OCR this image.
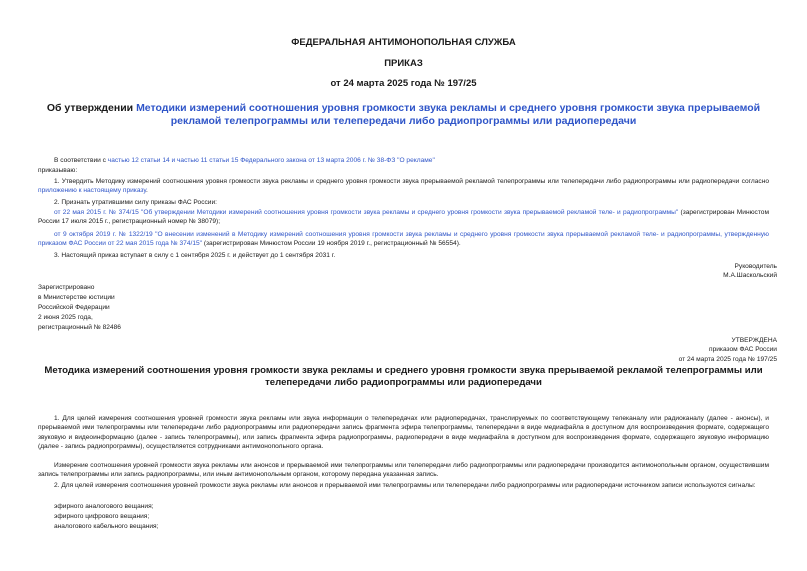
ФЕДЕРАЛЬНАЯ АНТИМОНОПОЛЬНАЯ СЛУЖБА
ПРИКАЗ
от 24 марта 2025 года № 197/25
Об утверждении Методики измерений соотношения уровня громкости звука рекламы и среднего уровня громкости звука прерываемой рекламой телепрограммы или телепередачи либо радиопрограммы или радиопередачи
В соответствии с частью 12 статьи 14 и частью 11 статьи 15 Федерального закона от 13 марта 2006 г. № 38-ФЗ "О рекламе"
приказываю:
1. Утвердить Методику измерений соотношения уровня громкости звука рекламы и среднего уровня громкости звука прерываемой рекламой телепрограммы или телепередачи либо радиопрограммы или радиопередачи согласно приложению к настоящему приказу.
2. Признать утратившими силу приказы ФАС России:
от 22 мая 2015 г. № 374/15 "Об утверждении Методики измерений соотношения уровня громкости звука рекламы и среднего уровня громкости звука прерываемой рекламой теле- и радиопрограммы" (зарегистрирован Минюстом России 17 июля 2015 г., регистрационный номер № 38079);
от 9 октября 2019 г. № 1322/19 "О внесении изменений в Методику измерений соотношения уровня громкости звука рекламы и среднего уровня громкости звука прерываемой рекламой теле- и радиопрограммы, утвержденную приказом ФАС России от 22 мая 2015 года № 374/15" (зарегистрирован Минюстом России 19 ноября 2019 г., регистрационный № 56554).
3. Настоящий приказ вступает в силу с 1 сентября 2025 г. и действует до 1 сентября 2031 г.
Руководитель
М.А.Шаскольский
Зарегистрировано
в Министерстве юстиции
Российской Федерации
2 июня 2025 года,
регистрационный № 82486
УТВЕРЖДЕНА
приказом ФАС России
от 24 марта 2025 года № 197/25
Методика измерений соотношения уровня громкости звука рекламы и среднего уровня громкости звука прерываемой рекламой телепрограммы или телепередачи либо радиопрограммы или радиопередачи
1. Для целей измерения соотношения уровней громкости звука рекламы или звука информации о телепередачах или радиопередачах, транслируемых по соответствующему телеканалу или радиоканалу (далее - анонсы), и прерываемой ими телепрограммы или телепередачи либо радиопрограммы или радиопередачи запись фрагмента эфира телепрограммы, телепередачи в виде медиафайла в доступном для воспроизведения формате, содержащего звуковую и видеоинформацию (далее - запись телепрограммы), или запись фрагмента эфира радиопрограммы, радиопередачи в виде медиафайла в доступном для воспроизведения формате, содержащего звуковую информацию (далее - запись радиопрограммы), осуществляется сотрудниками антимонопольного органа.
Измерение соотношения уровней громкости звука рекламы или анонсов и прерываемой ими телепрограммы или телепередачи либо радиопрограммы или радиопередачи производится антимонопольным органом, осуществившим запись телепрограммы или запись радиопрограммы, или иным антимонопольным органом, которому передана указанная запись.
2. Для целей измерения соотношения уровней громкости звука рекламы или анонсов и прерываемой ими телепрограммы или телепередачи либо радиопрограммы или радиопередачи источником записи используются сигналы:
эфирного аналогового вещания;
эфирного цифрового вещания;
аналогового кабельного вещания;
